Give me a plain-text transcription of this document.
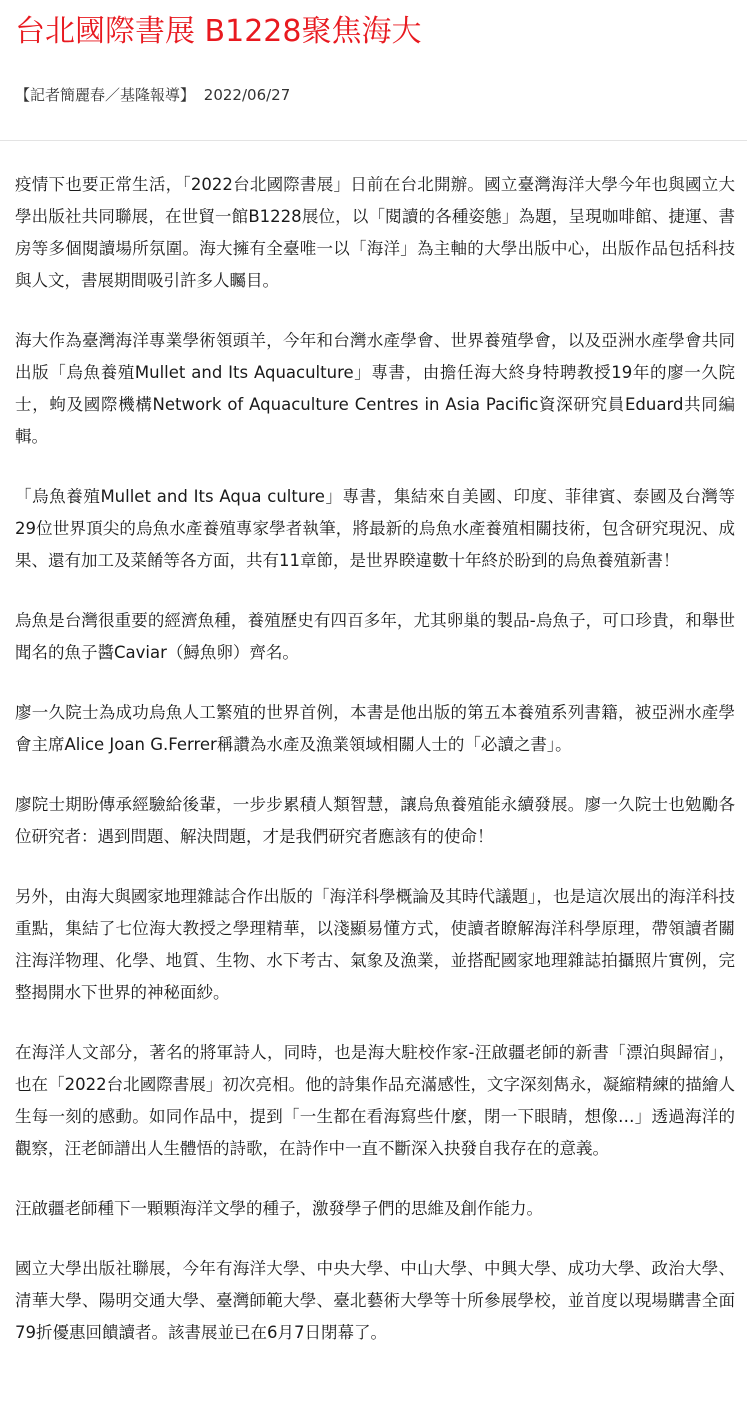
台北國際書展 B1228聚焦海大
【記者簡麗春／基隆報導】 2022/06/27

疫情下也要正常生活，「2022台北國際書展」日前在台北開辦。國立臺灣海洋大學今年也與國立大學出版社共同聯展，在世貿一館B1228展位，以「閱讀的各種姿態」為題，呈現咖啡館、捷運、書房等多個閱讀場所氛圍。海大擁有全臺唯一以「海洋」為主軸的大學出版中心，出版作品包括科技與人文，書展期間吸引許多人矚目。

海大作為臺灣海洋專業學術領頭羊，今年和台灣水產學會、世界養殖學會，以及亞洲水產學會共同出版「烏魚養殖Mullet and Its Aquaculture」專書，由擔任海大終身特聘教授19年的廖一久院士，蚼及國際機構Network of Aquaculture Centres in Asia Pacific資深研究員Eduard共同編輯。

「烏魚養殖Mullet and Its Aqua culture」專書，集結來自美國、印度、菲律賓、泰國及台灣等29位世界頂尖的烏魚水產養殖專家學者執筆，將最新的烏魚水產養殖相關技術，包含研究現況、成果、還有加工及菜餚等各方面，共有11章節，是世界睽違數十年終於盼到的烏魚養殖新書！

烏魚是台灣很重要的經濟魚種，養殖歷史有四百多年，尤其卵巢的製品-烏魚子，可口珍貴，和舉世聞名的魚子醬Caviar（鱘魚卵）齊名。

廖一久院士為成功烏魚人工繁殖的世界首例，本書是他出版的第五本養殖系列書籍，被亞洲水產學會主席Alice Joan G.Ferrer稱讚為水產及漁業領域相關人士的「必讀之書」。

廖院士期盼傳承經驗給後輩，一步步累積人類智慧，讓烏魚養殖能永續發展。廖一久院士也勉勵各位研究者：遇到問題、解決問題，才是我們研究者應該有的使命！

另外，由海大與國家地理雜誌合作出版的「海洋科學概論及其時代議題」，也是這次展出的海洋科技重點，集結了七位海大教授之學理精華，以淺顯易懂方式，使讀者瞭解海洋科學原理，帶領讀者關注海洋物理、化學、地質、生物、水下考古、氣象及漁業，並搭配國家地理雜誌拍攝照片實例，完整揭開水下世界的神秘面紗。

在海洋人文部分，著名的將軍詩人，同時，也是海大駐校作家-汪啟疆老師的新書「漂泊與歸宿」，也在「2022台北國際書展」初次亮相。他的詩集作品充滿感性，文字深刻雋永，凝縮精練的描繪人生每一刻的感動。如同作品中，提到「一生都在看海寫些什麼，閉一下眼睛，想像…」透過海洋的觀察，汪老師譜出人生體悟的詩歌，在詩作中一直不斷深入抉發自我存在的意義。

汪啟疆老師種下一顆顆海洋文學的種子，激發學子們的思維及創作能力。

國立大學出版社聯展，今年有海洋大學、中央大學、中山大學、中興大學、成功大學、政治大學、清華大學、陽明交通大學、臺灣師範大學、臺北藝術大學等十所參展學校，並首度以現場購書全面79折優惠回饋讀者。該書展並已在6月7日閉幕了。
